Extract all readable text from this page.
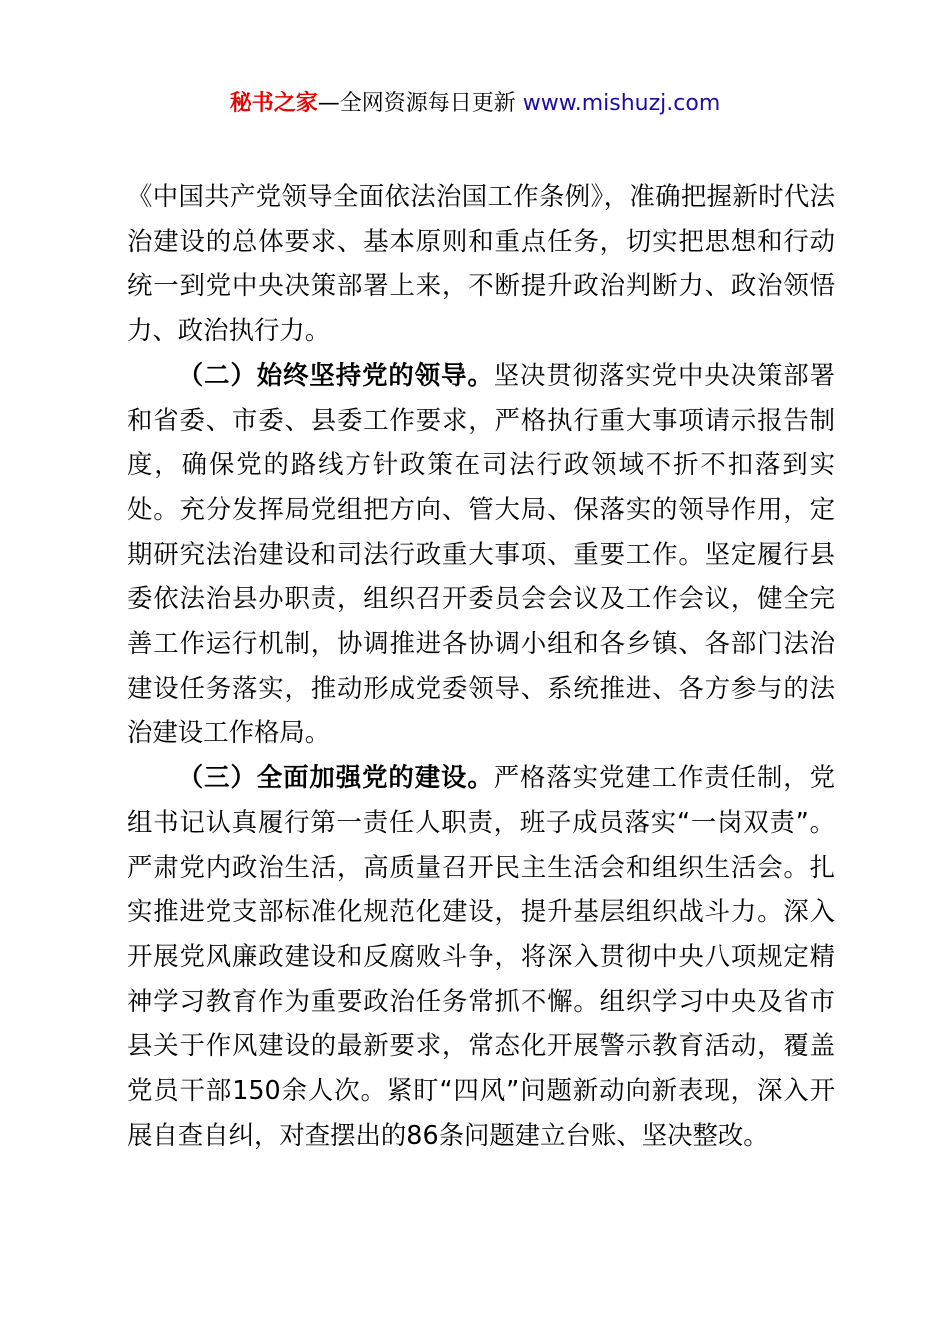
秘书之家—全网资源每日更新 www.mishuzj.com

《中国共产党领导全面依法治国工作条例》，准确把握新时代法治建设的总体要求、基本原则和重点任务，切实把思想和行动统一到党中央决策部署上来，不断提升政治判断力、政治领悟力、政治执行力。

（二）始终坚持党的领导。坚决贯彻落实党中央决策部署和省委、市委、县委工作要求，严格执行重大事项请示报告制度，确保党的路线方针政策在司法行政领域不折不扣落到实处。充分发挥局党组把方向、管大局、保落实的领导作用，定期研究法治建设和司法行政重大事项、重要工作。坚定履行县委依法治县办职责，组织召开委员会会议及工作会议，健全完善工作运行机制，协调推进各协调小组和各乡镇、各部门法治建设任务落实，推动形成党委领导、系统推进、各方参与的法治建设工作格局。

（三）全面加强党的建设。严格落实党建工作责任制，党组书记认真履行第一责任人职责，班子成员落实“一岗双责”。严肃党内政治生活，高质量召开民主生活会和组织生活会。扎实推进党支部标准化规范化建设，提升基层组织战斗力。深入开展党风廉政建设和反腐败斗争，将深入贯彻中央八项规定精神学习教育作为重要政治任务常抓不懈。组织学习中央及省市县关于作风建设的最新要求，常态化开展警示教育活动，覆盖党员干部150余人次。紧盯“四风”问题新动向新表现，深入开展自查自纠，对查摆出的86条问题建立台账、坚决整改。
